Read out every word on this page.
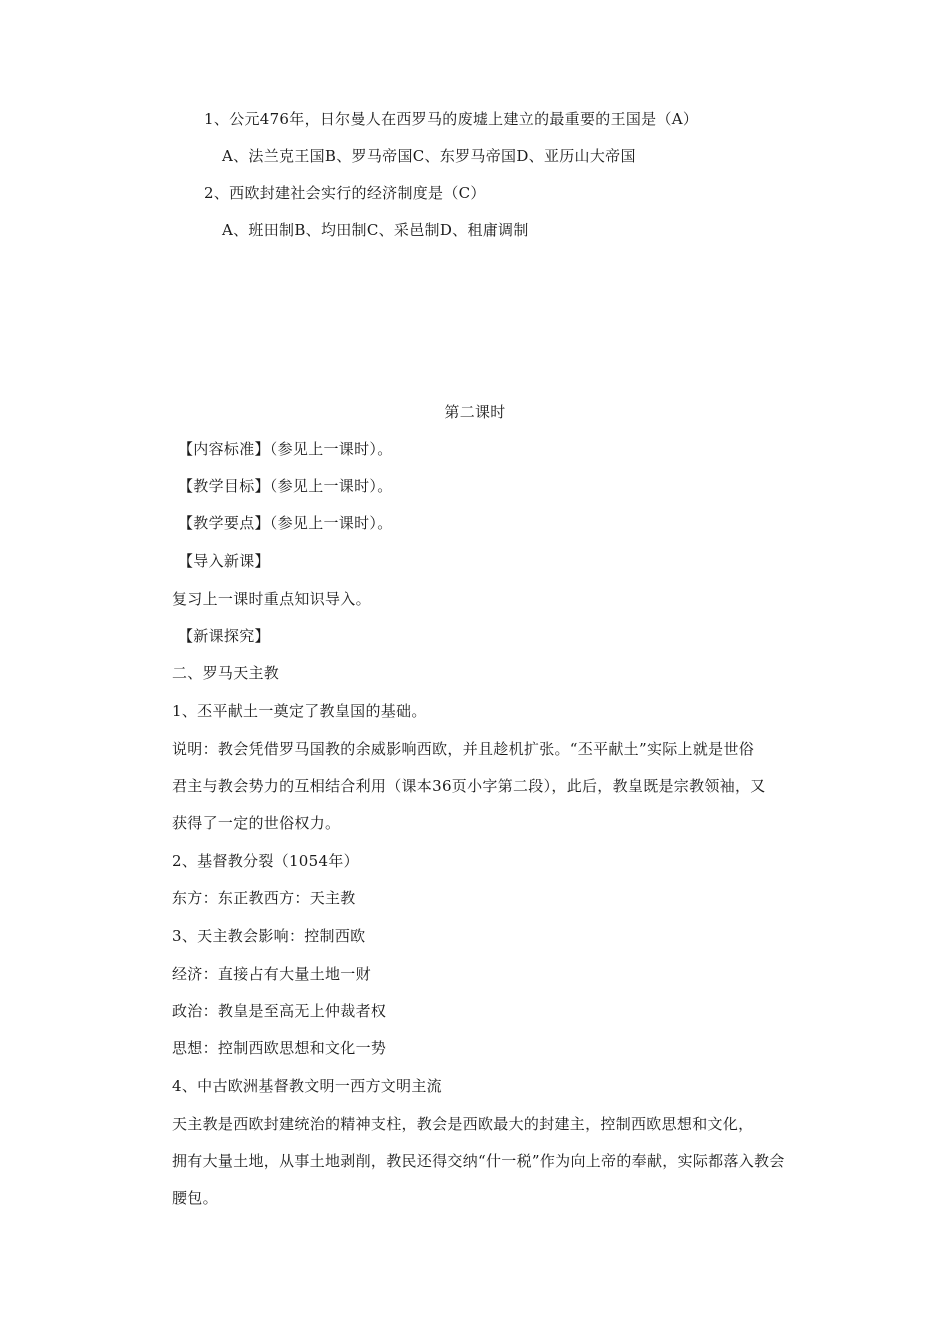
1、公元476年，日尔曼人在西罗马的废墟上建立的最重要的王国是（A）
A、法兰克王国B、罗马帝国C、东罗马帝国D、亚历山大帝国
2、西欧封建社会实行的经济制度是（C）
A、班田制B、均田制C、采邑制D、租庸调制
第二课时
【内容标准】（参见上一课时）。
【教学目标】（参见上一课时）。
【教学要点】（参见上一课时）。
【导入新课】
复习上一课时重点知识导入。
【新课探究】
二、罗马天主教
1、丕平献土一奠定了教皇国的基础。
说明：教会凭借罗马国教的余威影响西欧，并且趁机扩张。“丕平献土”实际上就是世俗
君主与教会势力的互相结合利用（课本36页小字第二段），此后，教皇既是宗教领袖，又
获得了一定的世俗权力。
2、基督教分裂（1054年）
东方：东正教西方：天主教
3、天主教会影响：控制西欧
经济：直接占有大量土地一财
政治：教皇是至高无上仲裁者权
思想：控制西欧思想和文化一势
4、中古欧洲基督教文明一西方文明主流
天主教是西欧封建统治的精神支柱，教会是西欧最大的封建主，控制西欧思想和文化，
拥有大量土地，从事土地剥削，教民还得交纳“什一税”作为向上帝的奉献，实际都落入教会
腰包。
